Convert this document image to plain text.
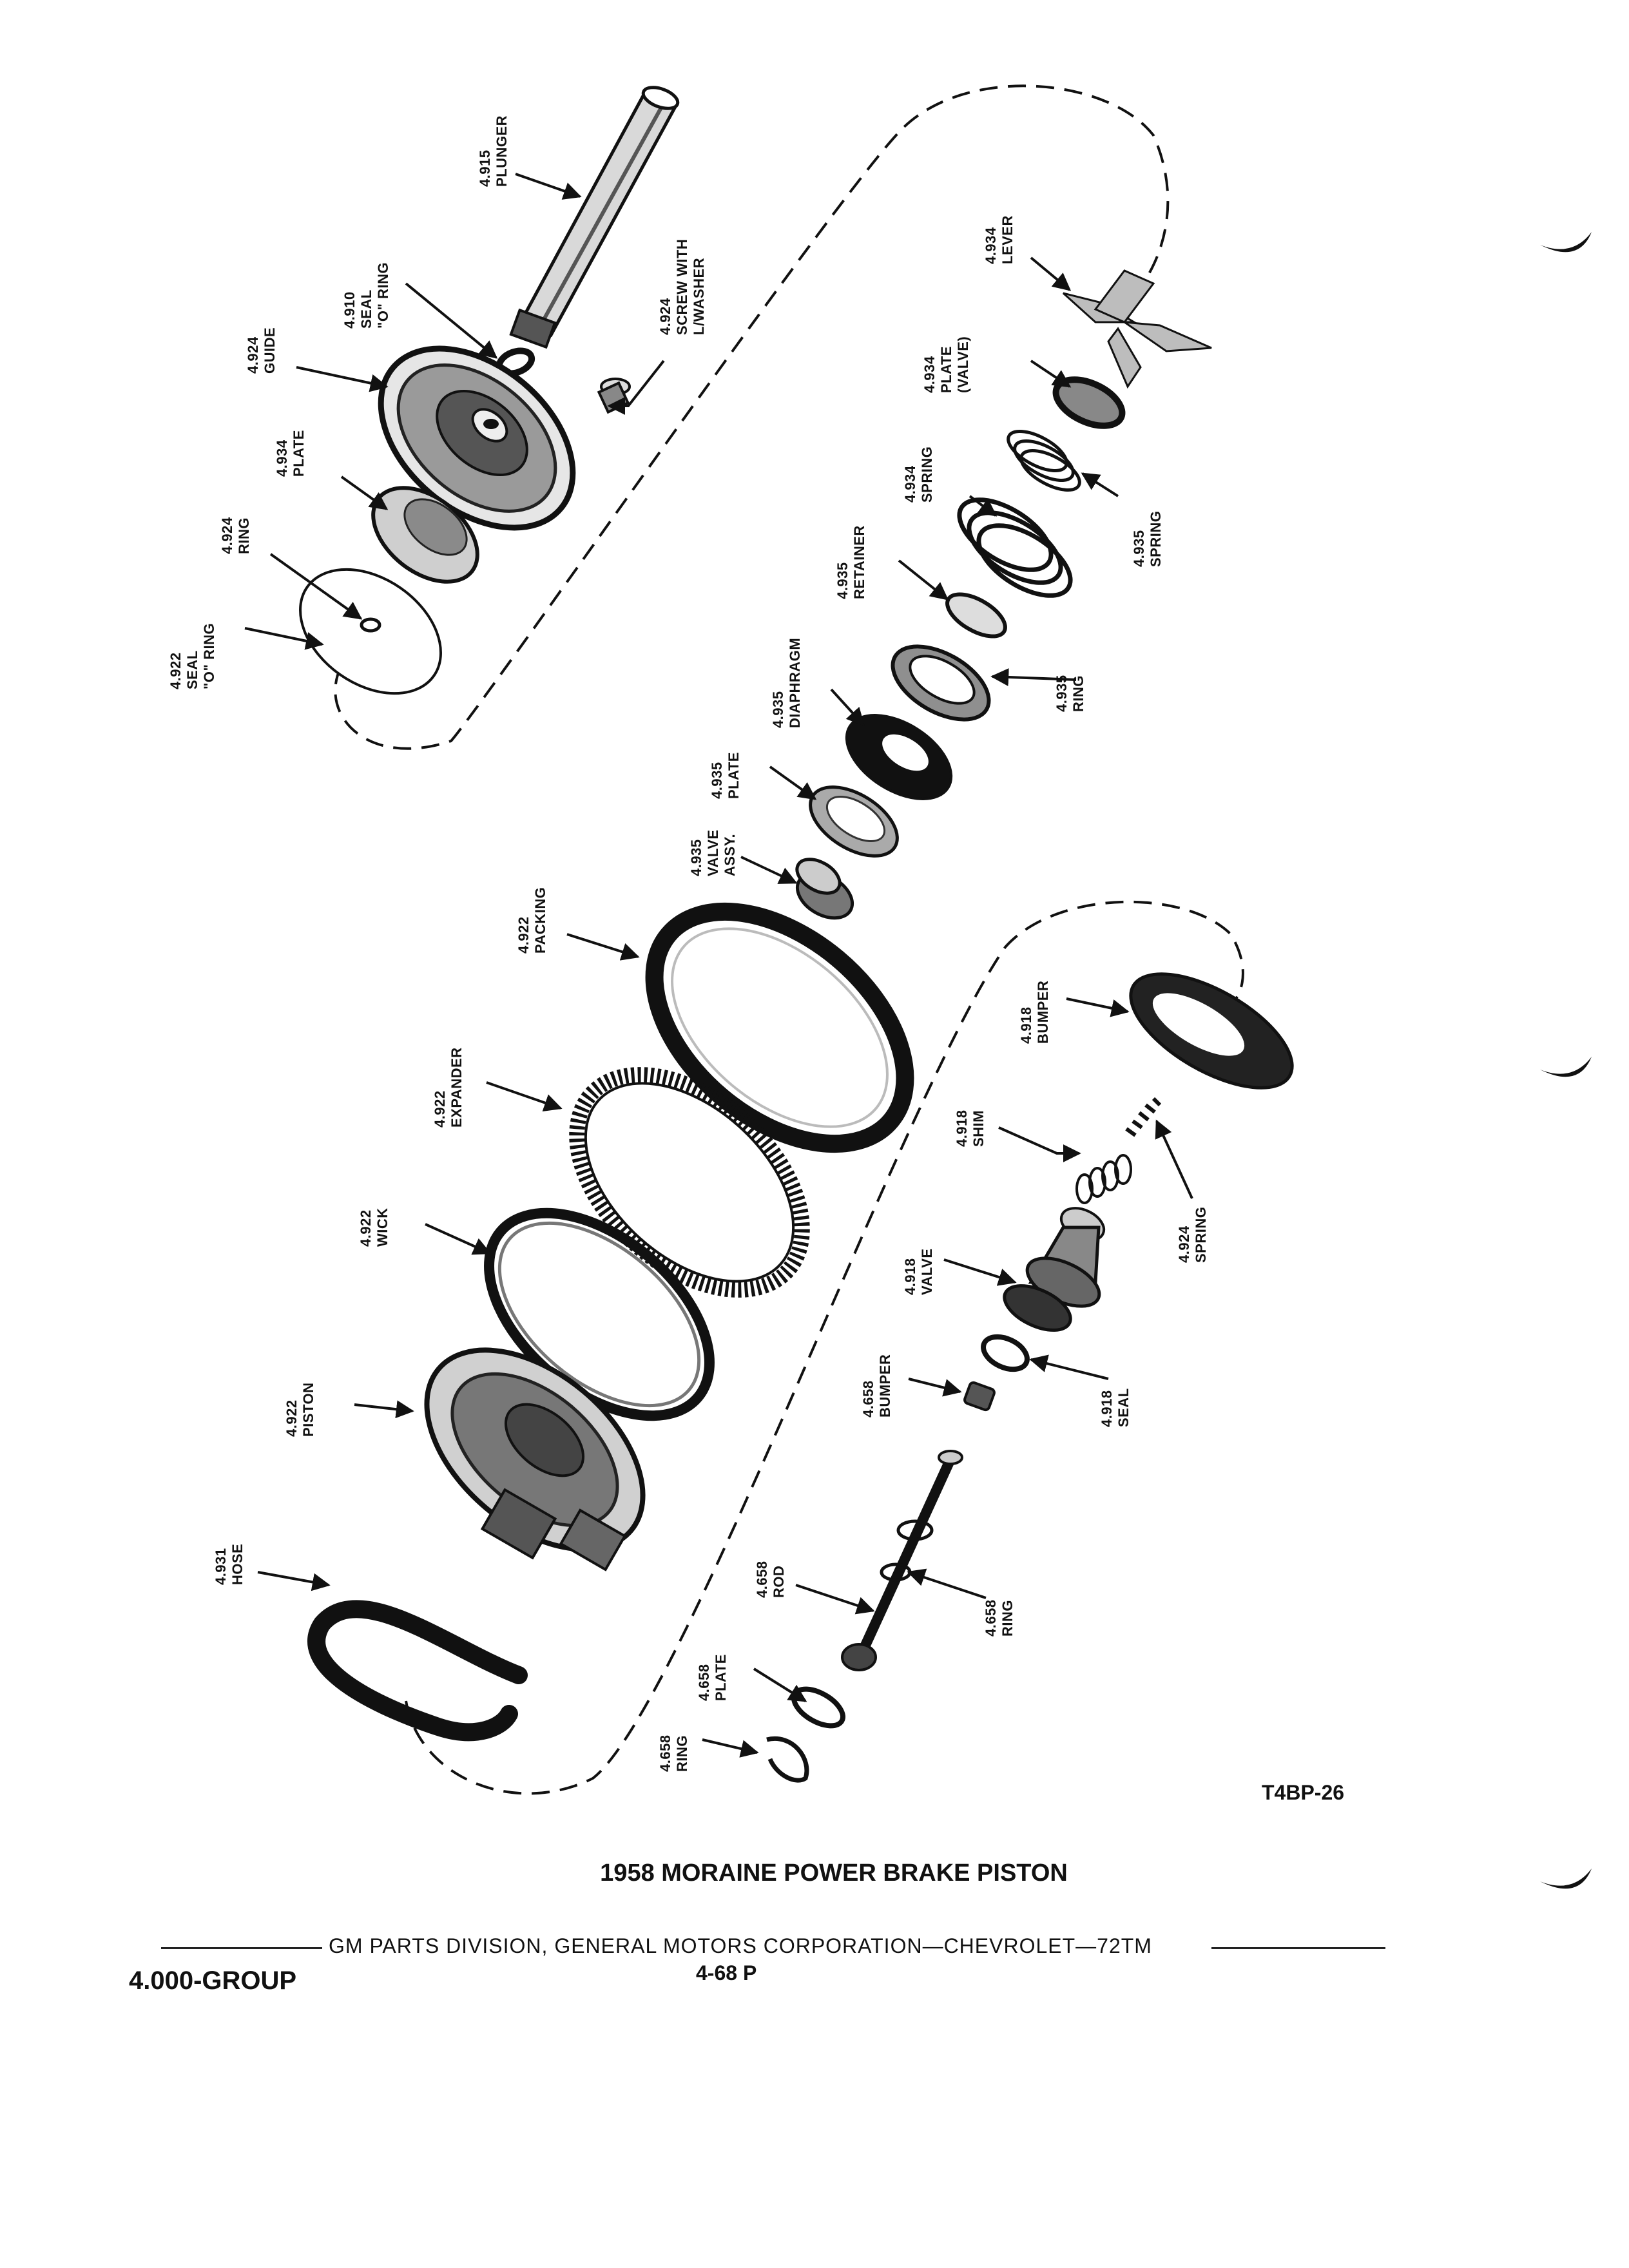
4.915PLUNGER
4.910SEAL"O" RING
4.924GUIDE
4.924SCREW WITHL/WASHER
4.934PLATE
4.924RING
4.922SEAL"O" RING
4.934LEVER
4.934PLATE(VALVE)
4.934SPRING
4.935SPRING
4.935RETAINER
4.935RING
4.935DIAPHRAGM
4.935PLATE
4.935VALVEASSY.
4.922PACKING
4.922EXPANDER
4.922WICK
4.922PISTON
4.931HOSE
4.918BUMPER
4.918SHIM
4.924SPRING
4.918VALVE
4.918SEAL
4.658BUMPER
4.658ROD
4.658RING
4.658PLATE
4.658RING
T4BP-26
1958 MORAINE POWER BRAKE PISTON
GM PARTS DIVISION, GENERAL MOTORS CORPORATION—CHEVROLET—72TM
4.000-GROUP	4-68 P
